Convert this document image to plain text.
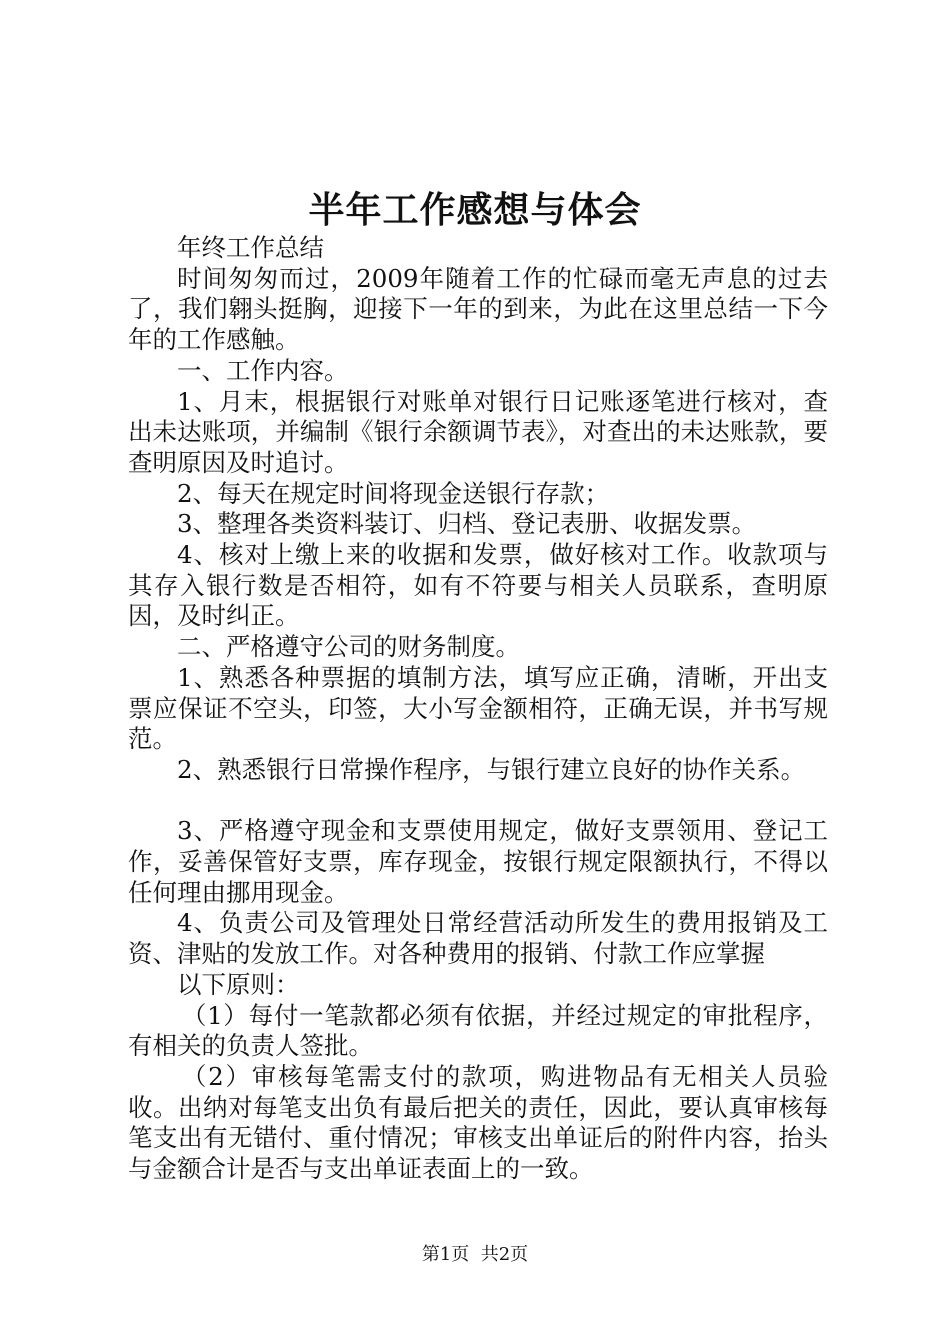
半年工作感想与体会

年终工作总结

时间匆匆而过，2009年随着工作的忙碌而毫无声息的过去了，我们翱头挺胸，迎接下一年的到来，为此在这里总结一下今年的工作感触。

一、工作内容。

1、月末，根据银行对账单对银行日记账逐笔进行核对，查出未达账项，并编制《银行余额调节表》，对查出的未达账款，要查明原因及时追讨。

2、每天在规定时间将现金送银行存款；

3、整理各类资料装订、归档、登记表册、收据发票。

4、核对上缴上来的收据和发票，做好核对工作。收款项与其存入银行数是否相符，如有不符要与相关人员联系，查明原因，及时纠正。

二、严格遵守公司的财务制度。

1、熟悉各种票据的填制方法，填写应正确，清晰，开出支票应保证不空头，印签，大小写金额相符，正确无误，并书写规范。

2、熟悉银行日常操作程序，与银行建立良好的协作关系。

3、严格遵守现金和支票使用规定，做好支票领用、登记工作，妥善保管好支票，库存现金，按银行规定限额执行，不得以任何理由挪用现金。

4、负责公司及管理处日常经营活动所发生的费用报销及工资、津贴的发放工作。对各种费用的报销、付款工作应掌握

以下原则：

（1）每付一笔款都必须有依据，并经过规定的审批程序，有相关的负责人签批。

（2）审核每笔需支付的款项，购进物品有无相关人员验收。出纳对每笔支出负有最后把关的责任，因此，要认真审核每笔支出有无错付、重付情况；审核支出单证后的附件内容，抬头与金额合计是否与支出单证表面上的一致。

第1页 共2页
